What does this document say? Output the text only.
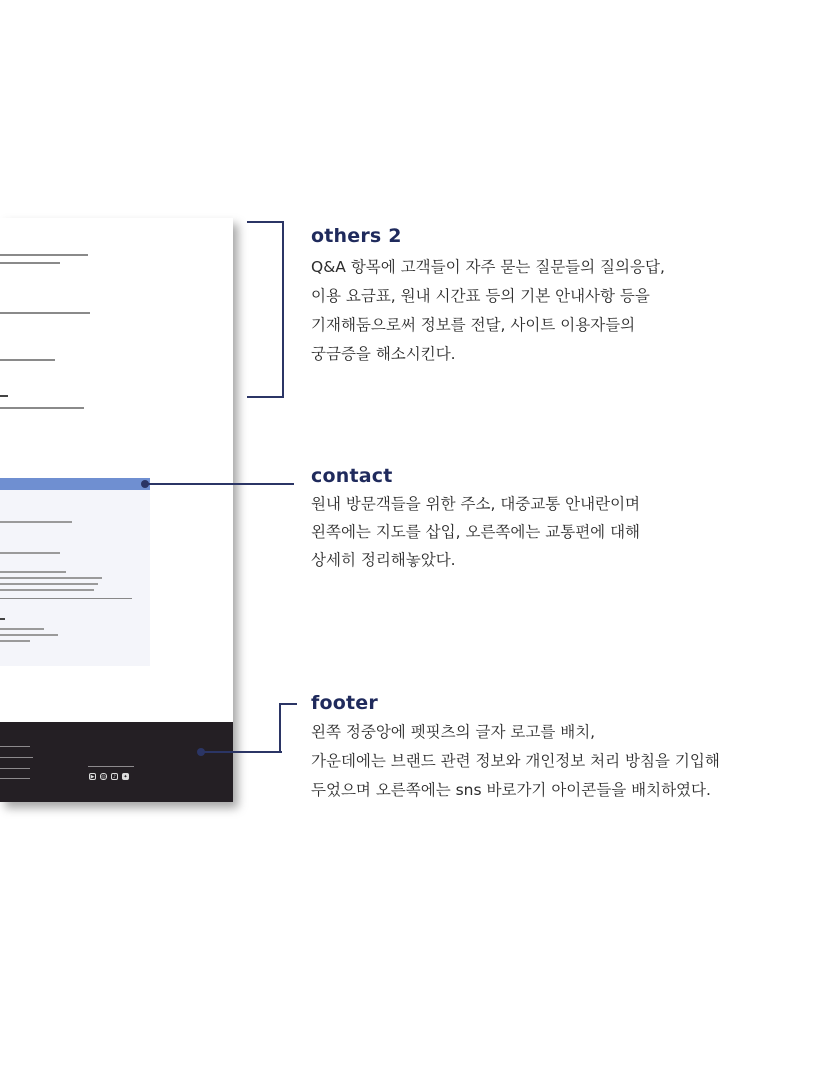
▶	◎	♪	✦
others 2

Q&A 항목에 고객들이 자주 묻는 질문들의 질의응답,
이용 요금표, 원내 시간표 등의 기본 안내사항 등을
기재해둠으로써 정보를 전달, 사이트 이용자들의
궁금증을 해소시킨다.

contact

원내 방문객들을 위한 주소, 대중교통 안내란이며
왼쪽에는 지도를 삽입, 오른쪽에는 교통편에 대해
상세히 정리해놓았다.

footer

왼쪽 정중앙에 펫핏츠의 글자 로고를 배치,
가운데에는 브랜드 관련 정보와 개인정보 처리 방침을 기입해
두었으며 오른쪽에는 sns 바로가기 아이콘들을 배치하였다.
